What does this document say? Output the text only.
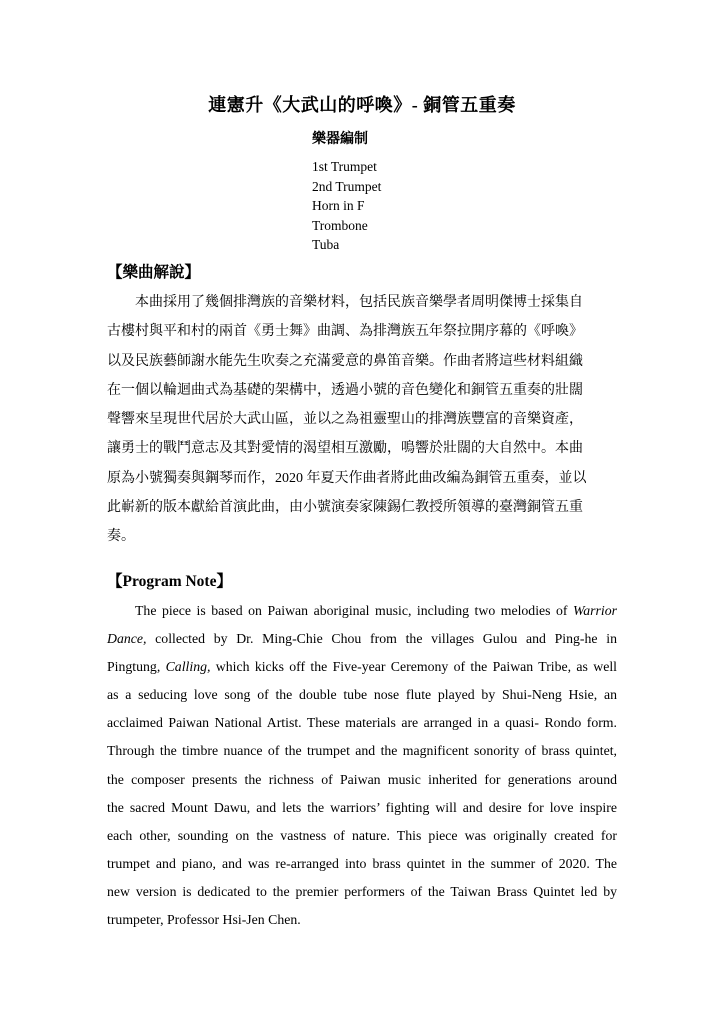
連憲升《大武山的呼喚》- 銅管五重奏
樂器編制
1st Trumpet
2nd Trumpet
Horn in F
Trombone
Tuba
【樂曲解說】
本曲採用了幾個排灣族的音樂材料，包括民族音樂學者周明傑博士採集自
古樓村與平和村的兩首《勇士舞》曲調、為排灣族五年祭拉開序幕的《呼喚》
以及民族藝師謝水能先生吹奏之充滿愛意的鼻笛音樂。作曲者將這些材料組織
在一個以輪迴曲式為基礎的架構中，透過小號的音色變化和銅管五重奏的壯闊
聲響來呈現世代居於大武山區，並以之為祖靈聖山的排灣族豐富的音樂資產，
讓勇士的戰鬥意志及其對愛情的渴望相互激勵，鳴響於壯闊的大自然中。本曲
原為小號獨奏與鋼琴而作，2020 年夏天作曲者將此曲改編為銅管五重奏，並以
此嶄新的版本獻給首演此曲，由小號演奏家陳錫仁教授所領導的臺灣銅管五重
奏。
【Program Note】
The piece is based on Paiwan aboriginal music, including two melodies of Warrior
Dance, collected by Dr. Ming-Chie Chou from the villages Gulou and Ping-he in
Pingtung, Calling, which kicks off the Five-year Ceremony of the Paiwan Tribe, as well
as a seducing love song of the double tube nose flute played by Shui-Neng Hsie, an
acclaimed Paiwan National Artist. These materials are arranged in a quasi- Rondo form.
Through the timbre nuance of the trumpet and the magnificent sonority of brass quintet,
the composer presents the richness of Paiwan music inherited for generations around
the sacred Mount Dawu, and lets the warriors’ fighting will and desire for love inspire
each other, sounding on the vastness of nature. This piece was originally created for
trumpet and piano, and was re-arranged into brass quintet in the summer of 2020. The
new version is dedicated to the premier performers of the Taiwan Brass Quintet led by
trumpeter, Professor Hsi-Jen Chen.
